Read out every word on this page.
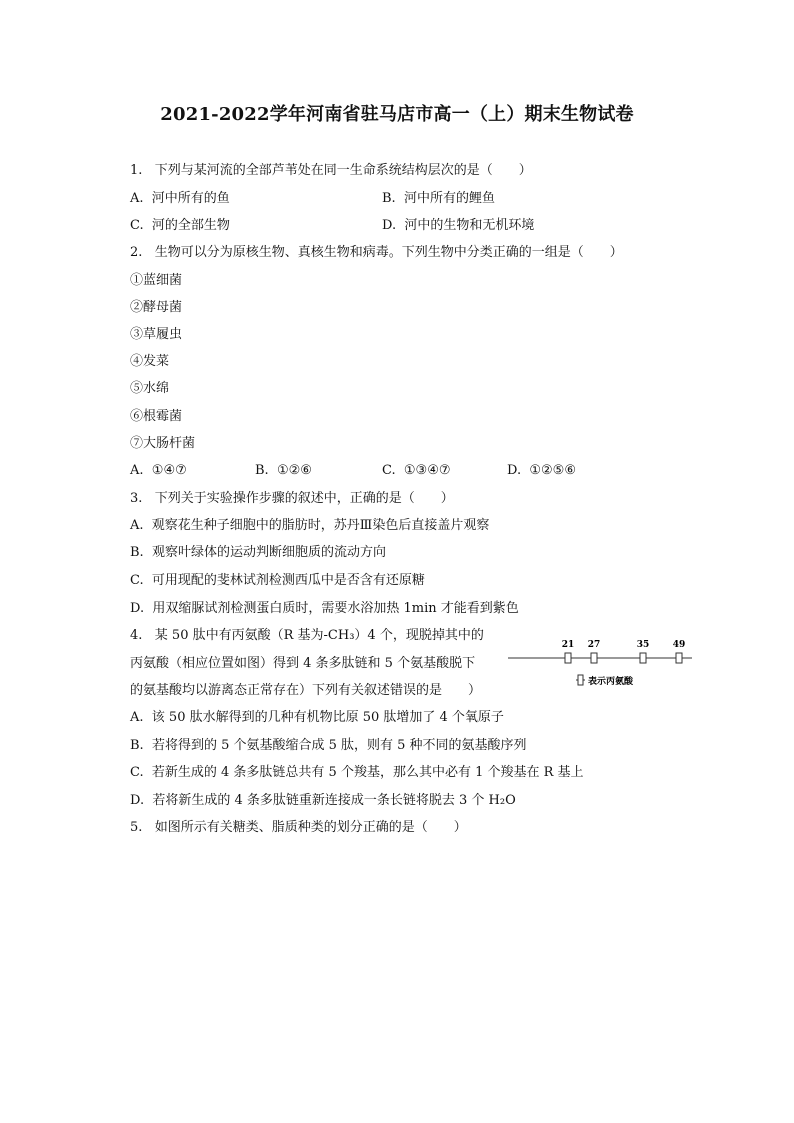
2021-2022学年河南省驻马店市高一（上）期末生物试卷
1.   下列与某河流的全部芦苇处在同一生命系统结构层次的是（　　）
A.  河中所有的鱼	B.  河中所有的鲤鱼
C.  河的全部生物	D.  河中的生物和无机环境
2.   生物可以分为原核生物、真核生物和病毒。下列生物中分类正确的一组是（　　）
①蓝细菌
②酵母菌
③草履虫
④发菜
⑤水绵
⑥根霉菌
⑦大肠杆菌
A.  ①④⑦	B.  ①②⑥	C.  ①③④⑦	D.  ①②⑤⑥
3.   下列关于实验操作步骤的叙述中，正确的是（　　）
A.  观察花生种子细胞中的脂肪时，苏丹Ⅲ染色后直接盖片观察
B.  观察叶绿体的运动判断细胞质的流动方向
C.  可用现配的斐林试剂检测西瓜中是否含有还原糖
D.  用双缩脲试剂检测蛋白质时，需要水浴加热 1min 才能看到紫色
4.   某 50 肽中有丙氨酸（R 基为-CH₃）4 个，现脱掉其中的
丙氨酸（相应位置如图）得到 4 条多肽链和 5 个氨基酸脱下
的氨基酸均以游离态正常存在）下列有关叙述错误的是　　）
21 27	35	49
表示丙氨酸
A.  该 50 肽水解得到的几种有机物比原 50 肽增加了 4 个氧原子
B.  若将得到的 5 个氨基酸缩合成 5 肽，则有 5 种不同的氨基酸序列
C.  若新生成的 4 条多肽链总共有 5 个羧基，那么其中必有 1 个羧基在 R 基上
D.  若将新生成的 4 条多肽链重新连接成一条长链将脱去 3 个 H₂O
5.   如图所示有关糖类、脂质种类的划分正确的是（　　）
